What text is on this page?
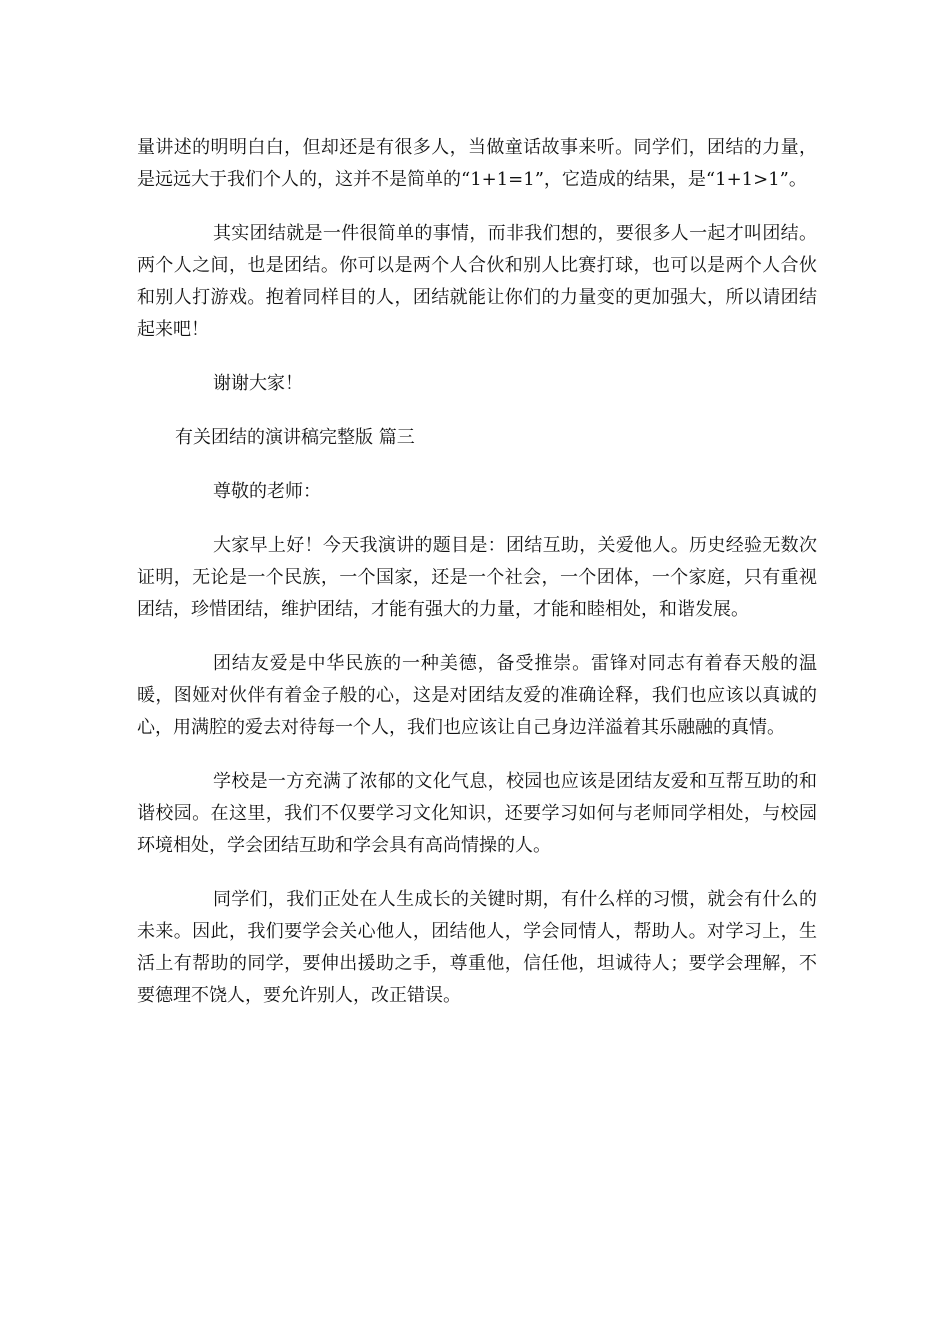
量讲述的明明白白，但却还是有很多人，当做童话故事来听。同学们，团结的力量，是远远大于我们个人的，这并不是简单的“1+1=1”，它造成的结果，是“1+1>1”。

其实团结就是一件很简单的事情，而非我们想的，要很多人一起才叫团结。两个人之间，也是团结。你可以是两个人合伙和别人比赛打球，也可以是两个人合伙和别人打游戏。抱着同样目的人，团结就能让你们的力量变的更加强大，所以请团结起来吧！

谢谢大家！

有关团结的演讲稿完整版 篇三

尊敬的老师：

大家早上好！今天我演讲的题目是：团结互助，关爱他人。历史经验无数次证明，无论是一个民族，一个国家，还是一个社会，一个团体，一个家庭，只有重视团结，珍惜团结，维护团结，才能有强大的力量，才能和睦相处，和谐发展。

团结友爱是中华民族的一种美德，备受推崇。雷锋对同志有着春天般的温暖，图娅对伙伴有着金子般的心，这是对团结友爱的准确诠释，我们也应该以真诚的心，用满腔的爱去对待每一个人，我们也应该让自己身边洋溢着其乐融融的真情。

学校是一方充满了浓郁的文化气息，校园也应该是团结友爱和互帮互助的和谐校园。在这里，我们不仅要学习文化知识，还要学习如何与老师同学相处，与校园环境相处，学会团结互助和学会具有高尚情操的人。

同学们，我们正处在人生成长的关键时期，有什么样的习惯，就会有什么的未来。因此，我们要学会关心他人，团结他人，学会同情人，帮助人。对学习上，生活上有帮助的同学，要伸出援助之手，尊重他，信任他，坦诚待人；要学会理解，不要德理不饶人，要允许别人，改正错误。
